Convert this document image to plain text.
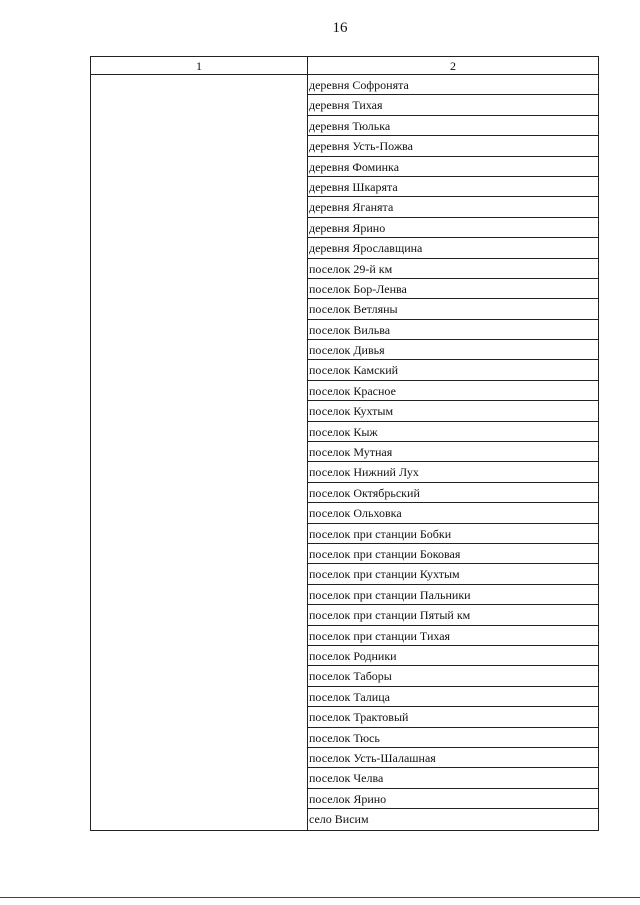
16
1	2
деревня Софронята
деревня Тихая
деревня Тюлька
деревня Усть-Пожва
деревня Фоминка
деревня Шкарята
деревня Яганята
деревня Ярино
деревня Ярославщина
поселок 29-й км
поселок Бор-Ленва
поселок Ветляны
поселок Вильва
поселок Дивья
поселок Камский
поселок Красное
поселок Кухтым
поселок Кыж
поселок Мутная
поселок Нижний Лух
поселок Октябрьский
поселок Ольховка
поселок при станции Бобки
поселок при станции Боковая
поселок при станции Кухтым
поселок при станции Пальники
поселок при станции Пятый км
поселок при станции Тихая
поселок Родники
поселок Таборы
поселок Талица
поселок Трактовый
поселок Тюсь
поселок Усть-Шалашная
поселок Челва
поселок Ярино
село Висим
